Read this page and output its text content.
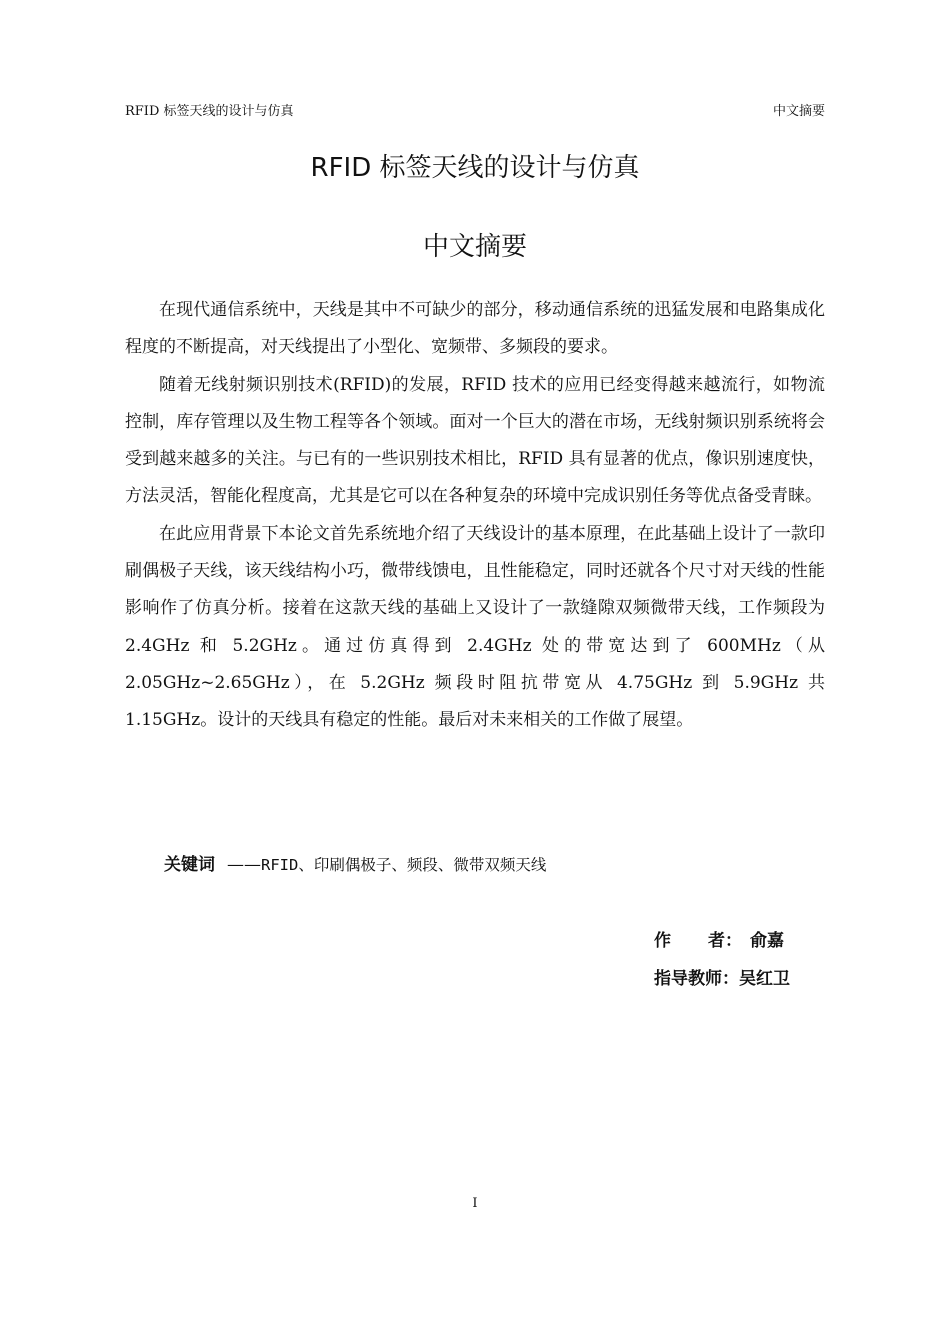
RFID 标签天线的设计与仿真	中文摘要
RFID 标签天线的设计与仿真
中文摘要

在现代通信系统中，天线是其中不可缺少的部分，移动通信系统的迅猛发展和电路集成化程度的不断提高，对天线提出了小型化、宽频带、多频段的要求。

随着无线射频识别技术(RFID)的发展，RFID 技术的应用已经变得越来越流行，如物流控制，库存管理以及生物工程等各个领域。面对一个巨大的潜在市场，无线射频识别系统将会受到越来越多的关注。与已有的一些识别技术相比，RFID 具有显著的优点，像识别速度快，方法灵活，智能化程度高，尤其是它可以在各种复杂的环境中完成识别任务等优点备受青睐。

在此应用背景下本论文首先系统地介绍了天线设计的基本原理，在此基础上设计了一款印刷偶极子天线，该天线结构小巧，微带线馈电，且性能稳定，同时还就各个尺寸对天线的性能影响作了仿真分析。接着在这款天线的基础上又设计了一款缝隙双频微带天线，工作频段为 2.4GHz 和 5.2GHz。通过仿真得到 2.4GHz 处的带宽达到了 600MHz（从 2.05GHz~2.65GHz），在 5.2GHz 频段时阻抗带宽从 4.75GHz 到 5.9GHz 共 1.15GHz。设计的天线具有稳定的性能。最后对未来相关的工作做了展望。

关键词 ——RFID、印刷偶极子、频段、微带双频天线
作 者： 俞嘉
指导教师：吴红卫
I
